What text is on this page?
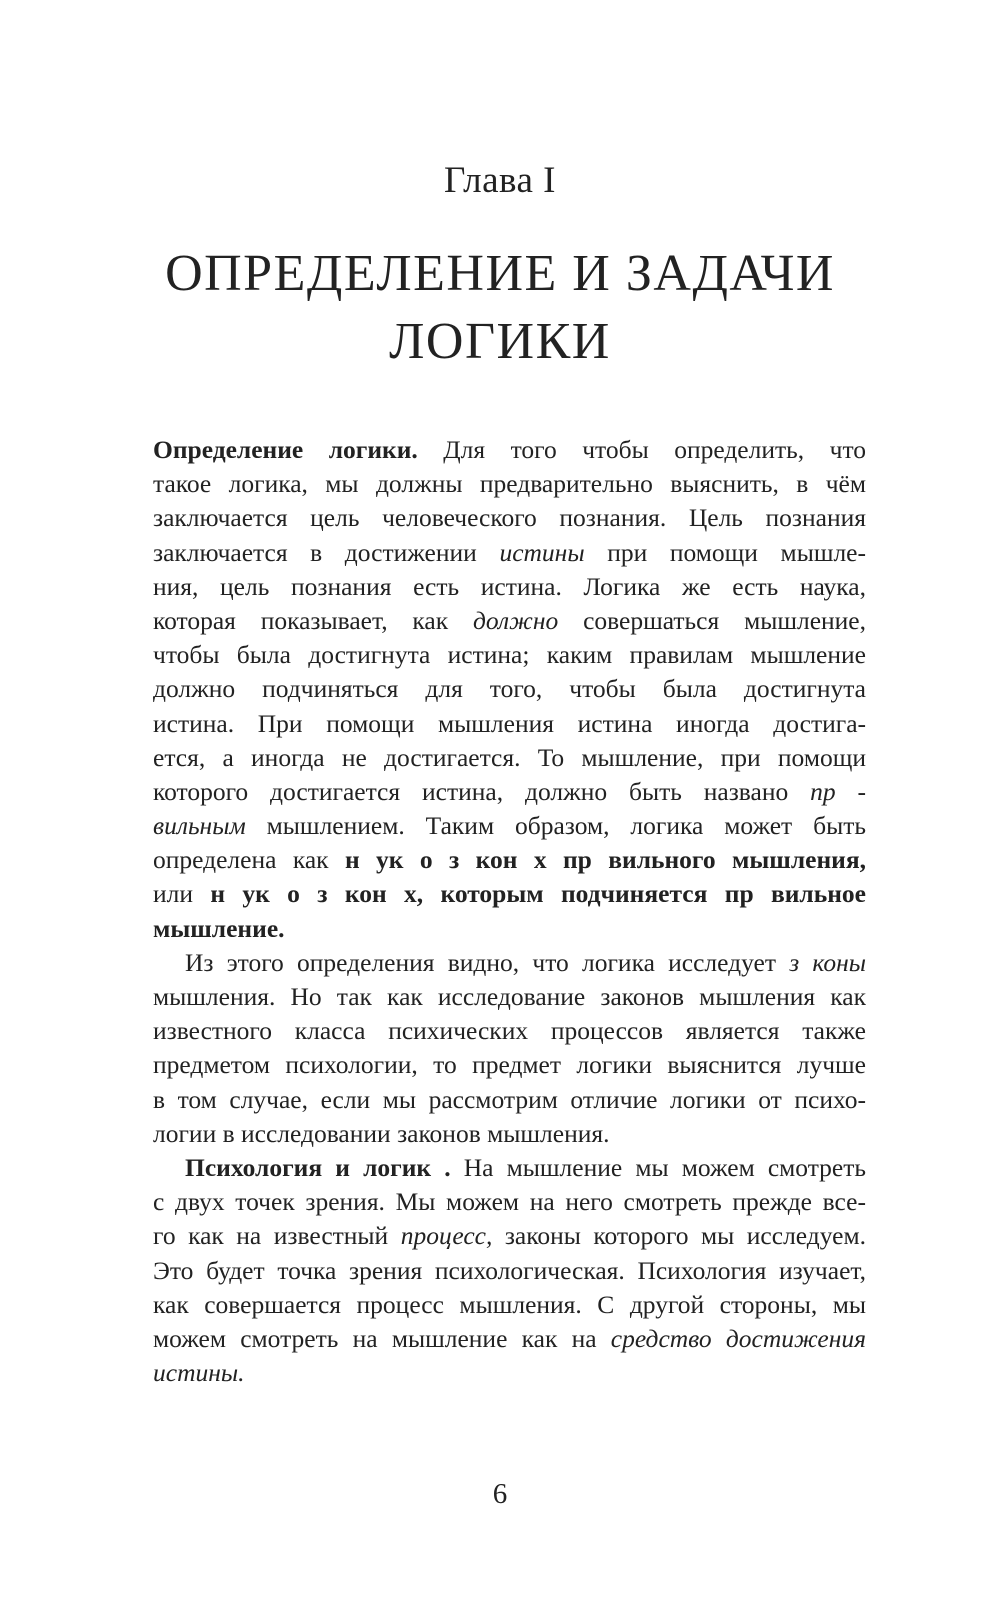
Глава I
ОПРЕДЕЛЕНИЕ И ЗАДАЧИ
ЛОГИКИ
Определение логики. Для того чтобы определить, что
такое логика, мы должны предварительно выяснить, в чём
заключается цель человеческого познания. Цель познания
заключается в достижении истины при помощи мышле-
ния, цель познания есть истина. Логика же есть наука,
которая показывает, как должно совершаться мышление,
чтобы была достигнута истина; каким правилам мышление
должно подчиняться для того, чтобы была достигнута
истина. При помощи мышления истина иногда достига-
ется, а иногда не достигается. То мышление, при помощи
которого достигается истина, должно быть названо пр -
вильным мышлением. Таким образом, логика может быть
определена как н ук о з кон х пр вильного мышления,
или н ук о з кон х, которым подчиняется пр вильное
мышление.
Из этого определения видно, что логика исследует з коны
мышления. Но так как исследование законов мышления как
известного класса психических процессов является также
предметом психологии, то предмет логики выяснится лучше
в том случае, если мы рассмотрим отличие логики от психо-
логии в исследовании законов мышления.
Психология и логик . На мышление мы можем смотреть
с двух точек зрения. Мы можем на него смотреть прежде все-
го как на известный процесс, законы которого мы исследуем.
Это будет точка зрения психологическая. Психология изучает,
как совершается процесс мышления. С другой стороны, мы
можем смотреть на мышление как на средство достижения
истины.
6
